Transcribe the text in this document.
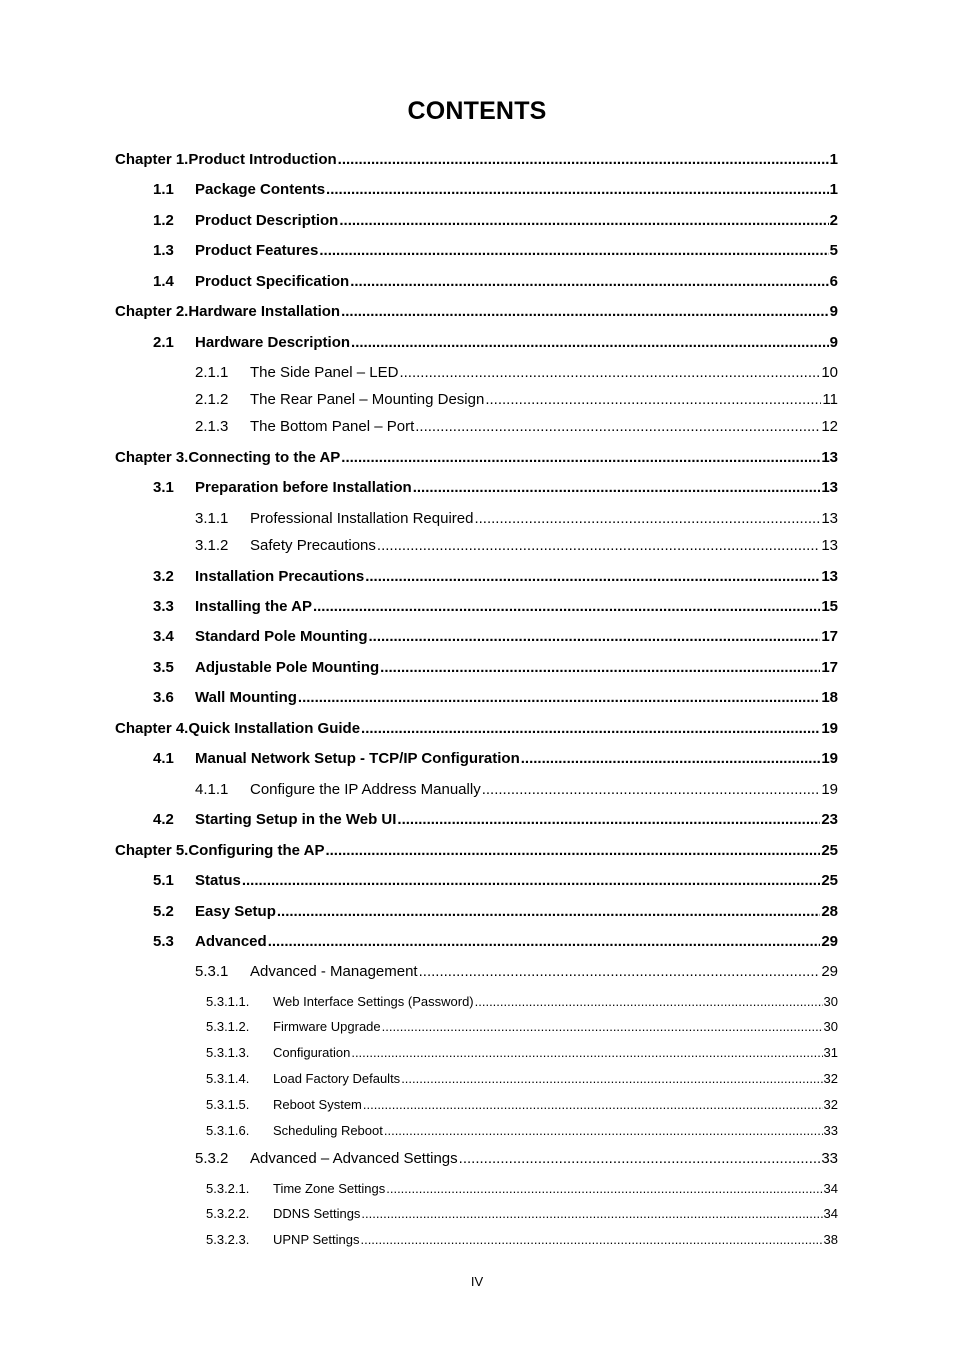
CONTENTS
Chapter 1.Product Introduction .....	1
1.1	Package Contents .....	1
1.2	Product Description .....	2
1.3	Product Features .....	5
1.4	Product Specification .....	6
Chapter 2.Hardware Installation .....	9
2.1	Hardware Description .....	9
2.1.1	The Side Panel – LED .....	10
2.1.2	The Rear Panel – Mounting Design .....	11
2.1.3	The Bottom Panel – Port .....	12
Chapter 3.Connecting to the AP .....	13
3.1	Preparation before Installation .....	13
3.1.1	Professional Installation Required .....	13
3.1.2	Safety Precautions .....	13
3.2	Installation Precautions .....	13
3.3	Installing the AP .....	15
3.4	Standard Pole Mounting .....	17
3.5	Adjustable Pole Mounting .....	17
3.6	Wall Mounting .....	18
Chapter 4.Quick Installation Guide .....	19
4.1	Manual Network Setup - TCP/IP Configuration .....	19
4.1.1	Configure the IP Address Manually .....	19
4.2	Starting Setup in the Web UI .....	23
Chapter 5.Configuring the AP .....	25
5.1	Status .....	25
5.2	Easy Setup .....	28
5.3	Advanced .....	29
5.3.1	Advanced - Management .....	29
5.3.1.1.	Web Interface Settings (Password) .....	30
5.3.1.2.	Firmware Upgrade .....	30
5.3.1.3.	Configuration .....	31
5.3.1.4.	Load Factory Defaults .....	32
5.3.1.5.	Reboot System .....	32
5.3.1.6.	Scheduling Reboot .....	33
5.3.2	Advanced – Advanced Settings .....	33
5.3.2.1.	Time Zone Settings .....	34
5.3.2.2.	DDNS Settings .....	34
5.3.2.3.	UPNP Settings .....	38
IV
